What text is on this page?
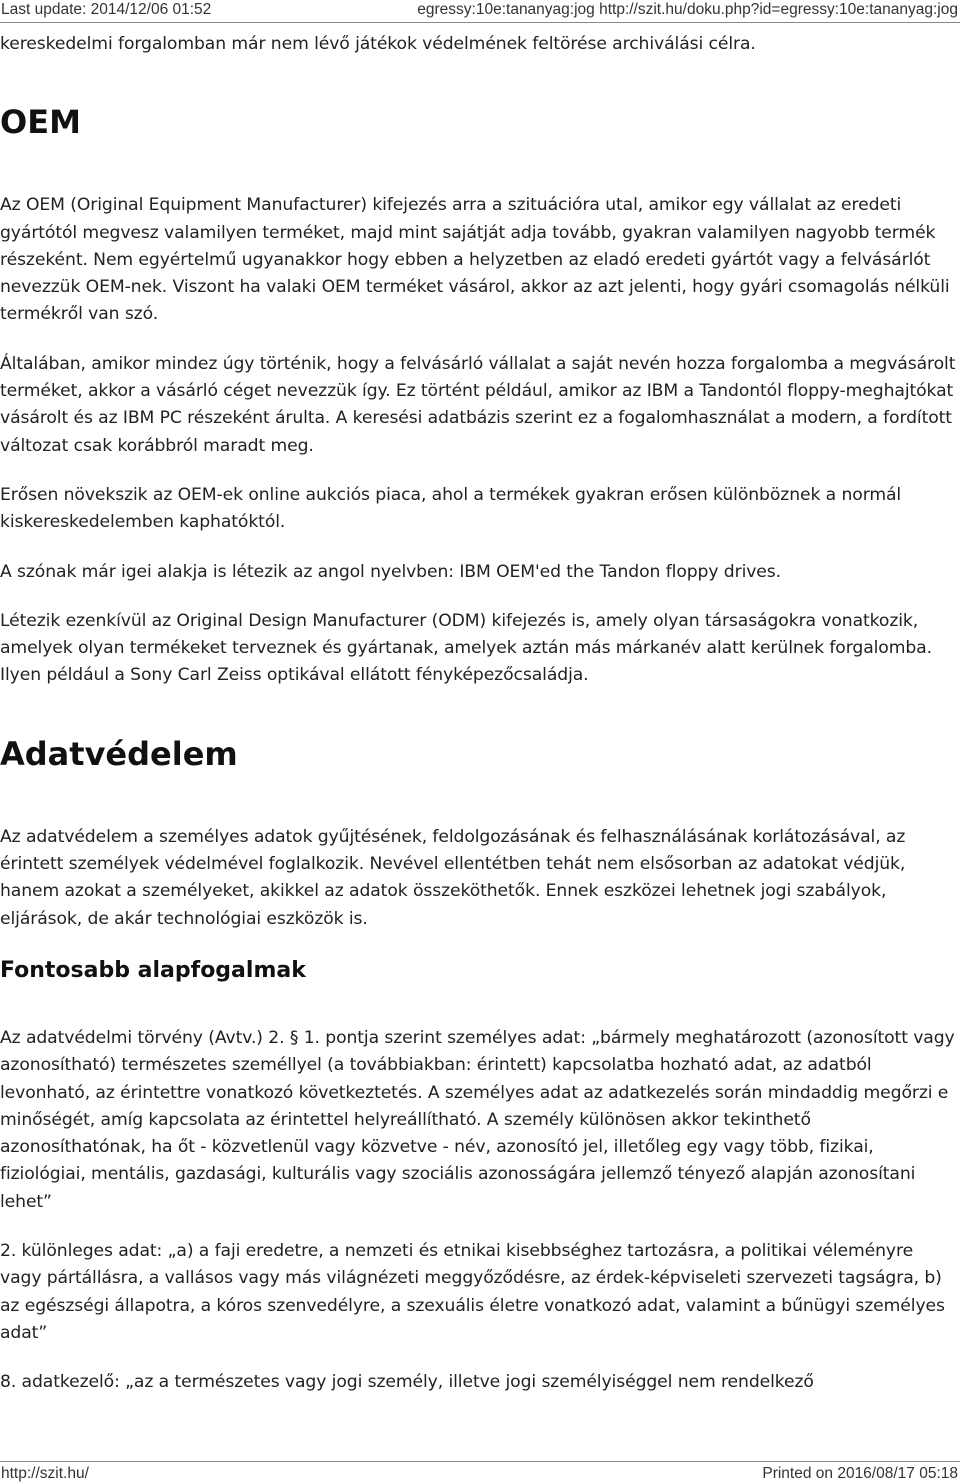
Last update: 2014/12/06 01:52	egressy:10e:tananyag:jog http://szit.hu/doku.php?id=egressy:10e:tananyag:jog

kereskedelmi forgalomban már nem lévő játékok védelmének feltörése archiválási célra.

OEM

Az OEM (Original Equipment Manufacturer) kifejezés arra a szituációra utal, amikor egy vállalat az eredeti gyártótól megvesz valamilyen terméket, majd mint sajátját adja tovább, gyakran valamilyen nagyobb termék részeként. Nem egyértelmű ugyanakkor hogy ebben a helyzetben az eladó eredeti gyártót vagy a felvásárlót nevezzük OEM-nek. Viszont ha valaki OEM terméket vásárol, akkor az azt jelenti, hogy gyári csomagolás nélküli termékről van szó.

Általában, amikor mindez úgy történik, hogy a felvásárló vállalat a saját nevén hozza forgalomba a megvásárolt terméket, akkor a vásárló céget nevezzük így. Ez történt például, amikor az IBM a Tandontól floppy-meghajtókat vásárolt és az IBM PC részeként árulta. A keresési adatbázis szerint ez a fogalomhasználat a modern, a fordított változat csak korábbról maradt meg.

Erősen növekszik az OEM-ek online aukciós piaca, ahol a termékek gyakran erősen különböznek a normál kiskereskedelemben kaphatóktól.

A szónak már igei alakja is létezik az angol nyelvben: IBM OEM'ed the Tandon floppy drives.

Létezik ezenkívül az Original Design Manufacturer (ODM) kifejezés is, amely olyan társaságokra vonatkozik, amelyek olyan termékeket terveznek és gyártanak, amelyek aztán más márkanév alatt kerülnek forgalomba. Ilyen például a Sony Carl Zeiss optikával ellátott fényképezőcsaládja.

Adatvédelem

Az adatvédelem a személyes adatok gyűjtésének, feldolgozásának és felhasználásának korlátozásával, az érintett személyek védelmével foglalkozik. Nevével ellentétben tehát nem elsősorban az adatokat védjük, hanem azokat a személyeket, akikkel az adatok összeköthetők. Ennek eszközei lehetnek jogi szabályok, eljárások, de akár technológiai eszközök is.

Fontosabb alapfogalmak

Az adatvédelmi törvény (Avtv.) 2. § 1. pontja szerint személyes adat: „bármely meghatározott (azonosított vagy azonosítható) természetes személlyel (a továbbiakban: érintett) kapcsolatba hozható adat, az adatból levonható, az érintettre vonatkozó következtetés. A személyes adat az adatkezelés során mindaddig megőrzi e minőségét, amíg kapcsolata az érintettel helyreállítható. A személy különösen akkor tekinthető azonosíthatónak, ha őt - közvetlenül vagy közvetve - név, azonosító jel, illetőleg egy vagy több, fizikai, fiziológiai, mentális, gazdasági, kulturális vagy szociális azonosságára jellemző tényező alapján azonosítani lehet”

2. különleges adat: „a) a faji eredetre, a nemzeti és etnikai kisebbséghez tartozásra, a politikai véleményre vagy pártállásra, a vallásos vagy más világnézeti meggyőződésre, az érdek-képviseleti szervezeti tagságra, b) az egészségi állapotra, a kóros szenvedélyre, a szexuális életre vonatkozó adat, valamint a bűnügyi személyes adat”

8. adatkezelő: „az a természetes vagy jogi személy, illetve jogi személyiséggel nem rendelkező

http://szit.hu/	Printed on 2016/08/17 05:18
